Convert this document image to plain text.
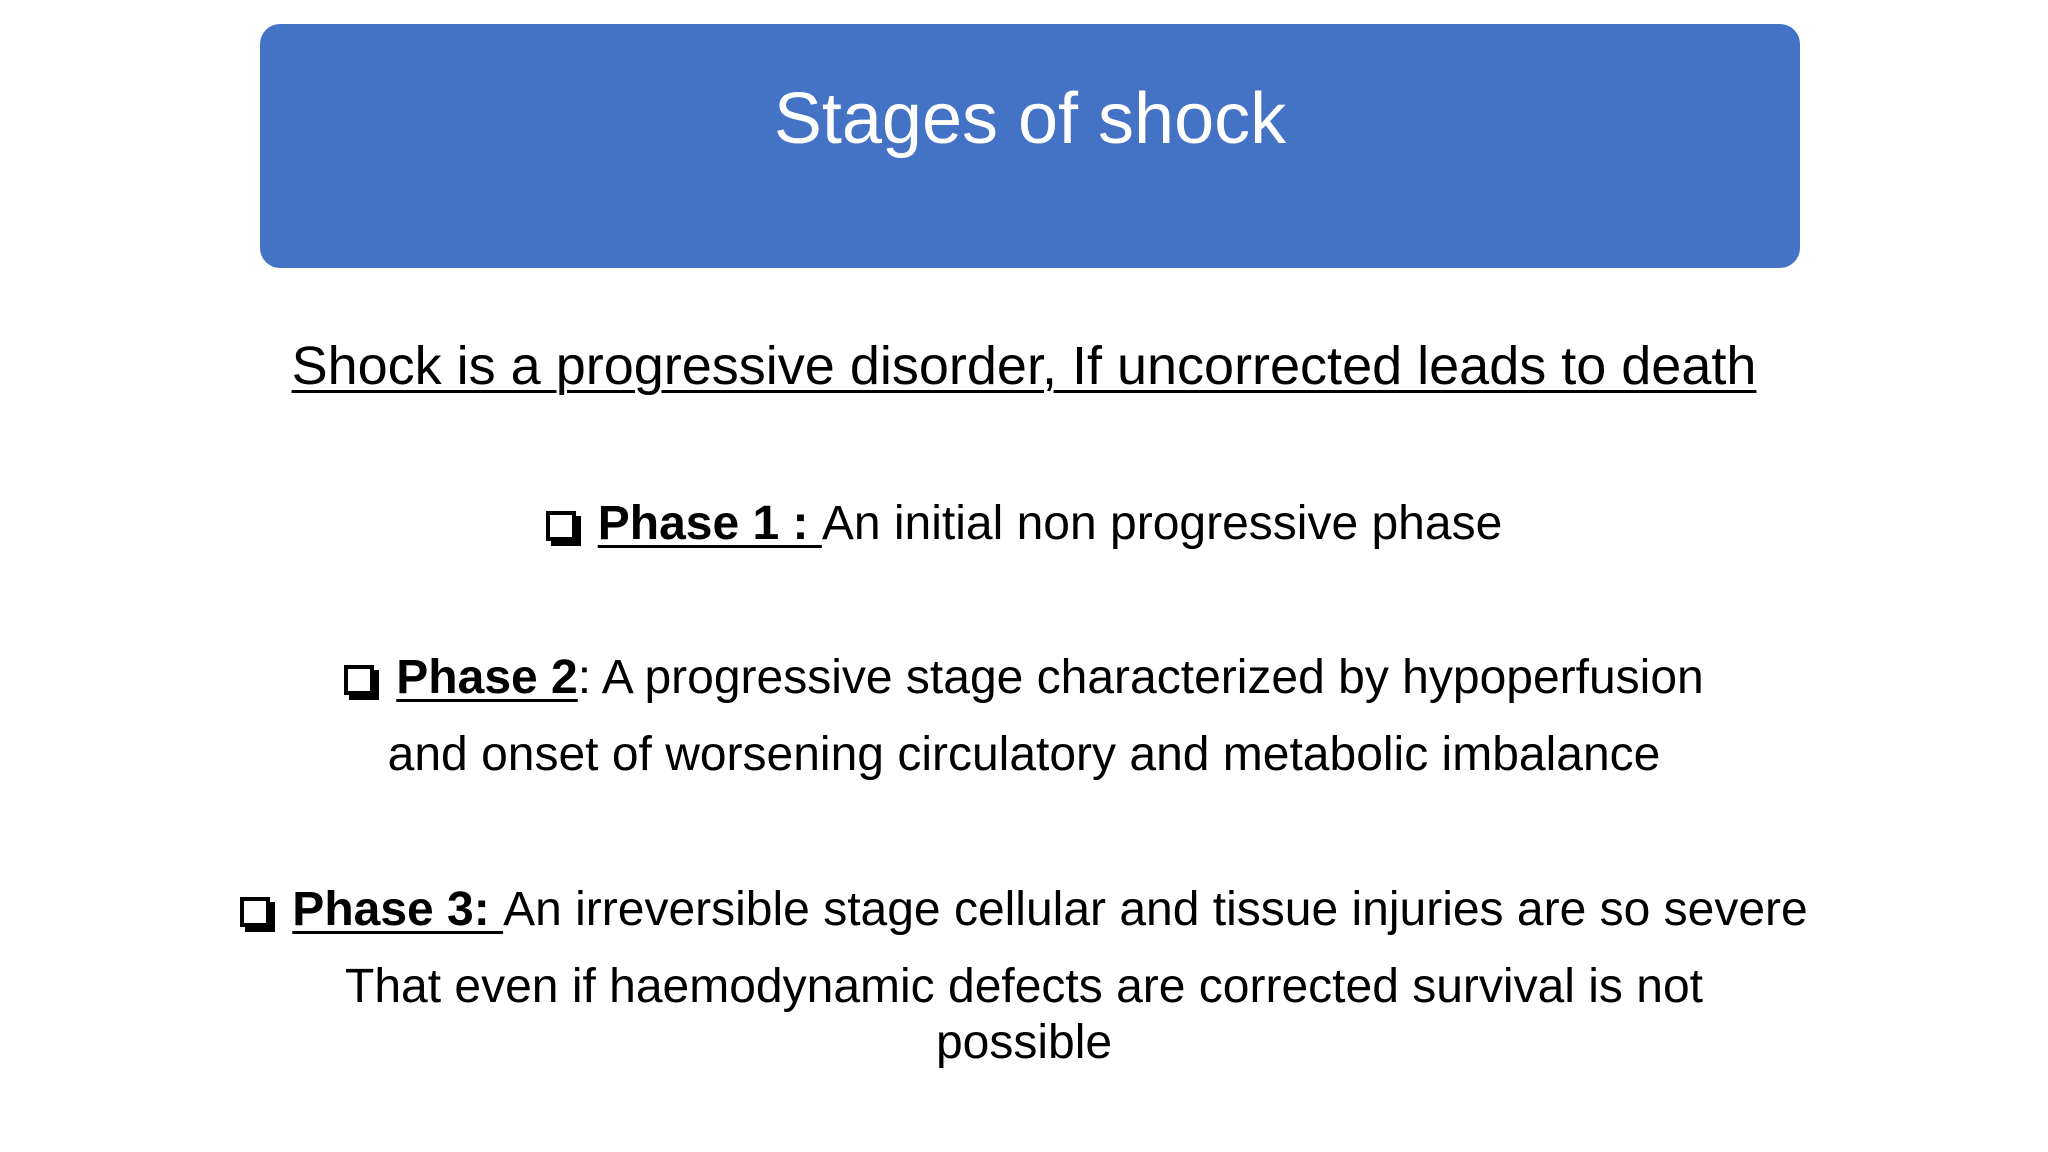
Stages of shock
Shock is a progressive disorder, If uncorrected leads to death
Phase 1 : An initial non progressive phase
Phase 2: A progressive stage characterized by hypoperfusion
and onset of worsening circulatory and metabolic imbalance
Phase 3: An irreversible stage cellular and tissue injuries are so severe
That even if haemodynamic defects are corrected survival is not
possible
